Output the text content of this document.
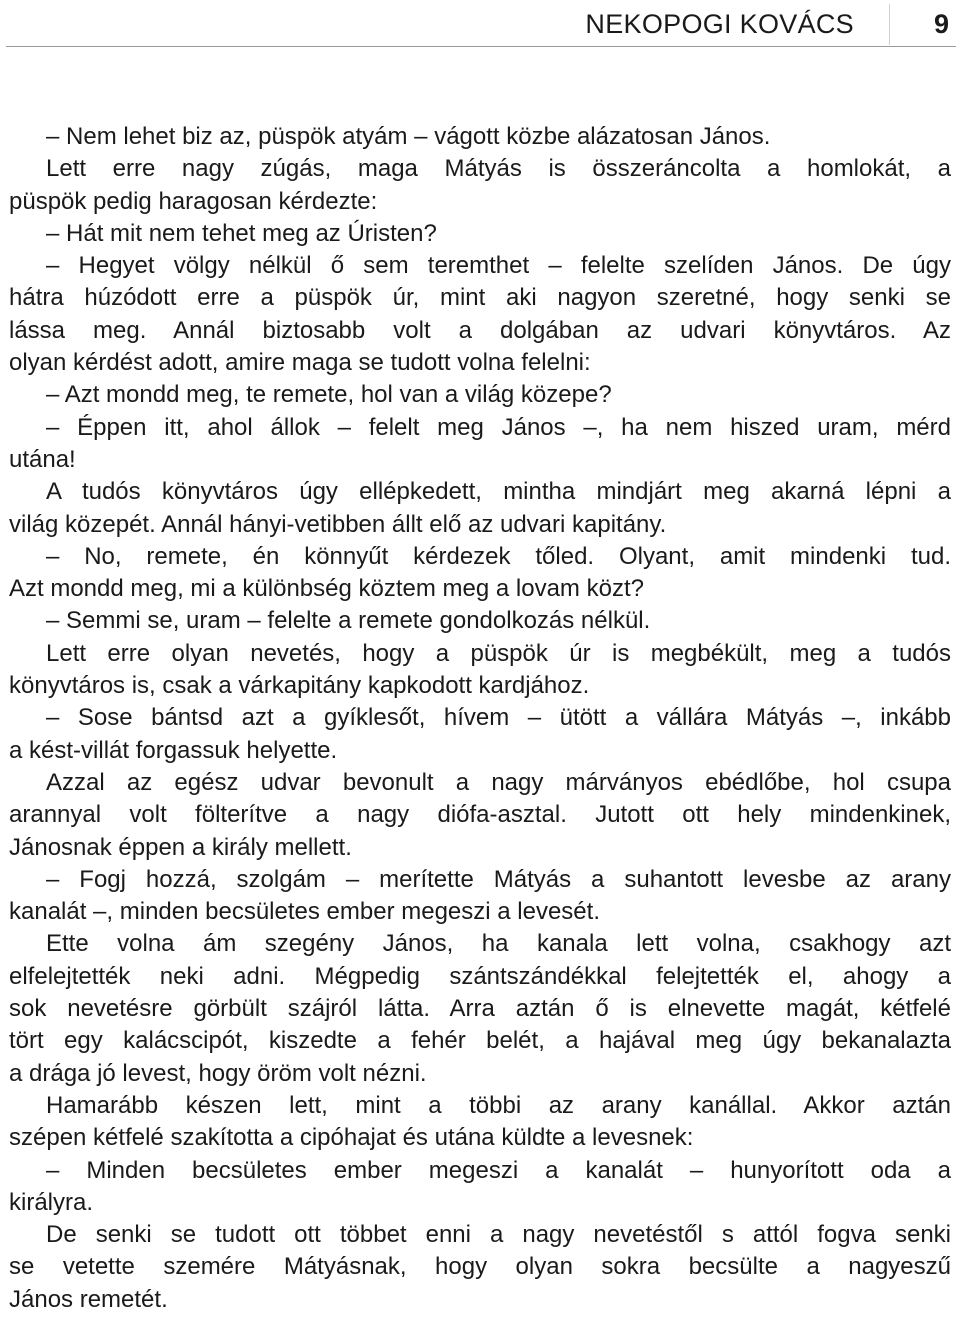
NEKOPOGI KOVÁCS	9
– Nem lehet biz az, püspök atyám – vágott közbe alázatosan János.
Lett erre nagy zúgás, maga Mátyás is összeráncolta a homlokát, a
püspök pedig haragosan kérdezte:
– Hát mit nem tehet meg az Úristen?
– Hegyet völgy nélkül ő sem teremthet – felelte szelíden János. De úgy
hátra húzódott erre a püspök úr, mint aki nagyon szeretné, hogy senki se
lássa meg. Annál biztosabb volt a dolgában az udvari könyvtáros. Az
olyan kérdést adott, amire maga se tudott volna felelni:
– Azt mondd meg, te remete, hol van a világ közepe?
– Éppen itt, ahol állok – felelt meg János –, ha nem hiszed uram, mérd
utána!
A tudós könyvtáros úgy ellépkedett, mintha mindjárt meg akarná lépni a
világ közepét. Annál hányi-vetibben állt elő az udvari kapitány.
– No, remete, én könnyűt kérdezek tőled. Olyant, amit mindenki tud.
Azt mondd meg, mi a különbség köztem meg a lovam közt?
– Semmi se, uram – felelte a remete gondolkozás nélkül.
Lett erre olyan nevetés, hogy a püspök úr is megbékült, meg a tudós
könyvtáros is, csak a várkapitány kapkodott kardjához.
– Sose bántsd azt a gyíklesőt, hívem – ütött a vállára Mátyás –, inkább
a kést-villát forgassuk helyette.
Azzal az egész udvar bevonult a nagy márványos ebédlőbe, hol csupa
arannyal volt fölterítve a nagy diófa-asztal. Jutott ott hely mindenkinek,
Jánosnak éppen a király mellett.
– Fogj hozzá, szolgám – merítette Mátyás a suhantott levesbe az arany
kanalát –, minden becsületes ember megeszi a levesét.
Ette volna ám szegény János, ha kanala lett volna, csakhogy azt
elfelejtették neki adni. Mégpedig szántszándékkal felejtették el, ahogy a
sok nevetésre görbült szájról látta. Arra aztán ő is elnevette magát, kétfelé
tört egy kalácscipót, kiszedte a fehér belét, a hajával meg úgy bekanalazta
a drága jó levest, hogy öröm volt nézni.
Hamarább készen lett, mint a többi az arany kanállal. Akkor aztán
szépen kétfelé szakította a cipóhajat és utána küldte a levesnek:
– Minden becsületes ember megeszi a kanalát – hunyorított oda a
királyra.
De senki se tudott ott többet enni a nagy nevetéstől s attól fogva senki
se vetette szemére Mátyásnak, hogy olyan sokra becsülte a nagyeszű
János remetét.
